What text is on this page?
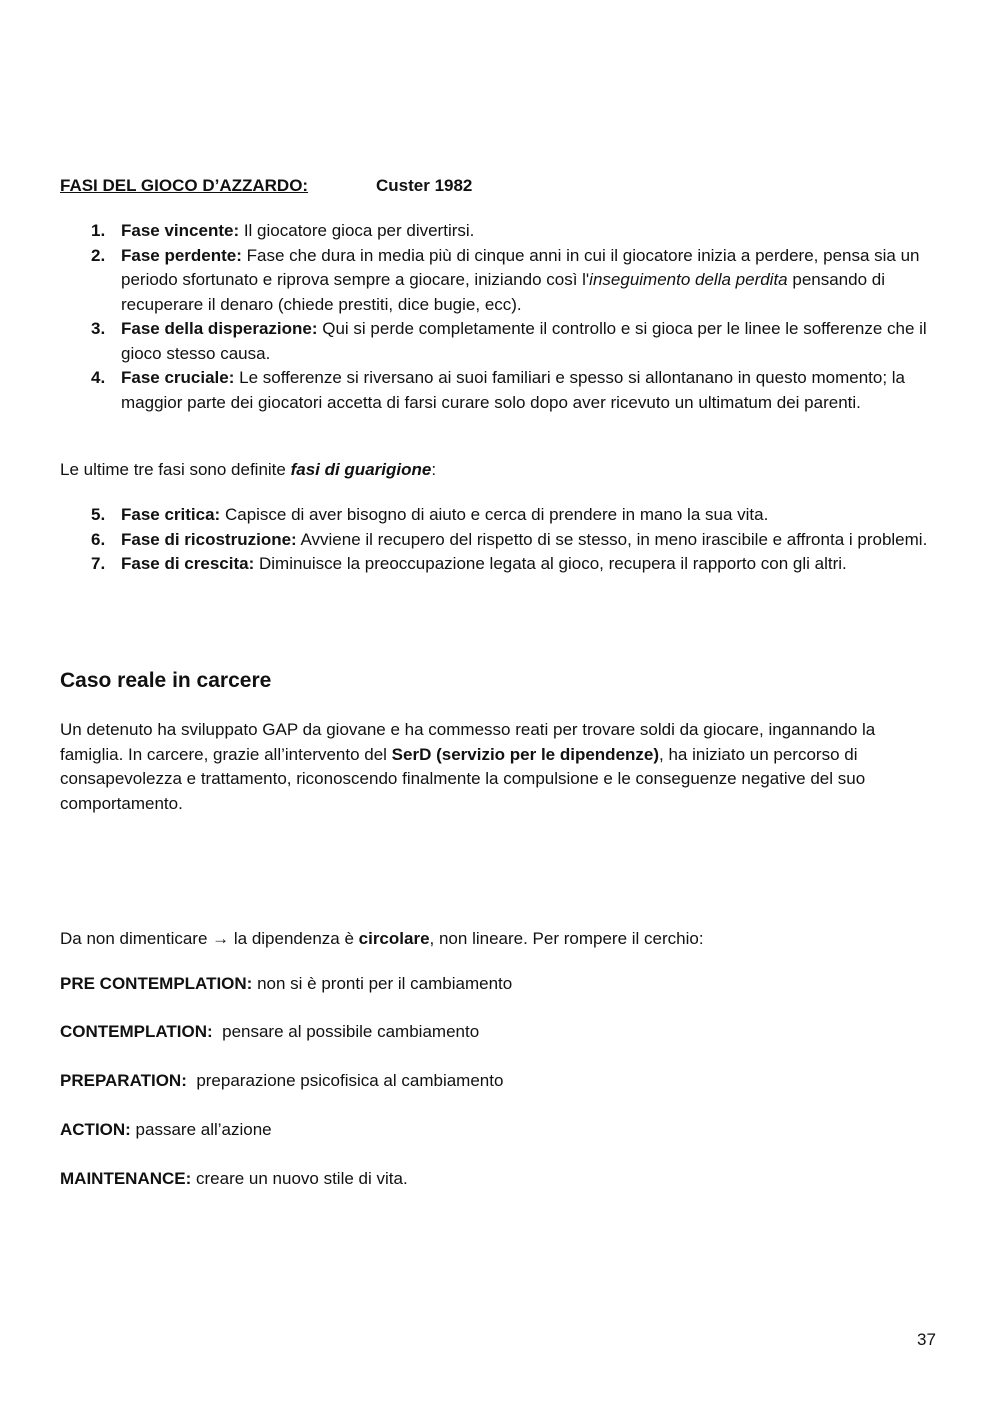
FASI DEL GIOCO D’AZZARDO:	Custer 1982
1. Fase vincente: Il giocatore gioca per divertirsi.
2. Fase perdente: Fase che dura in media più di cinque anni in cui il giocatore inizia a perdere, pensa sia un periodo sfortunato e riprova sempre a giocare, iniziando così l'inseguimento della perdita pensando di recuperare il denaro (chiede prestiti, dice bugie, ecc).
3. Fase della disperazione: Qui si perde completamente il controllo e si gioca per le linee le sofferenze che il gioco stesso causa.
4. Fase cruciale: Le sofferenze si riversano ai suoi familiari e spesso si allontanano in questo momento; la maggior parte dei giocatori accetta di farsi curare solo dopo aver ricevuto un ultimatum dei parenti.
Le ultime tre fasi sono definite fasi di guarigione:
5. Fase critica: Capisce di aver bisogno di aiuto e cerca di prendere in mano la sua vita.
6. Fase di ricostruzione: Avviene il recupero del rispetto di se stesso, in meno irascibile e affronta i problemi.
7. Fase di crescita: Diminuisce la preoccupazione legata al gioco, recupera il rapporto con gli altri.
Caso reale in carcere
Un detenuto ha sviluppato GAP da giovane e ha commesso reati per trovare soldi da giocare, ingannando la famiglia. In carcere, grazie all’intervento del SerD (servizio per le dipendenze), ha iniziato un percorso di consapevolezza e trattamento, riconoscendo finalmente la compulsione e le conseguenze negative del suo comportamento.
Da non dimenticare → la dipendenza è circolare, non lineare. Per rompere il cerchio:
PRE CONTEMPLATION: non si è pronti per il cambiamento
CONTEMPLATION:  pensare al possibile cambiamento
PREPARATION:  preparazione psicofisica al cambiamento
ACTION: passare all’azione
MAINTENANCE: creare un nuovo stile di vita.
37
